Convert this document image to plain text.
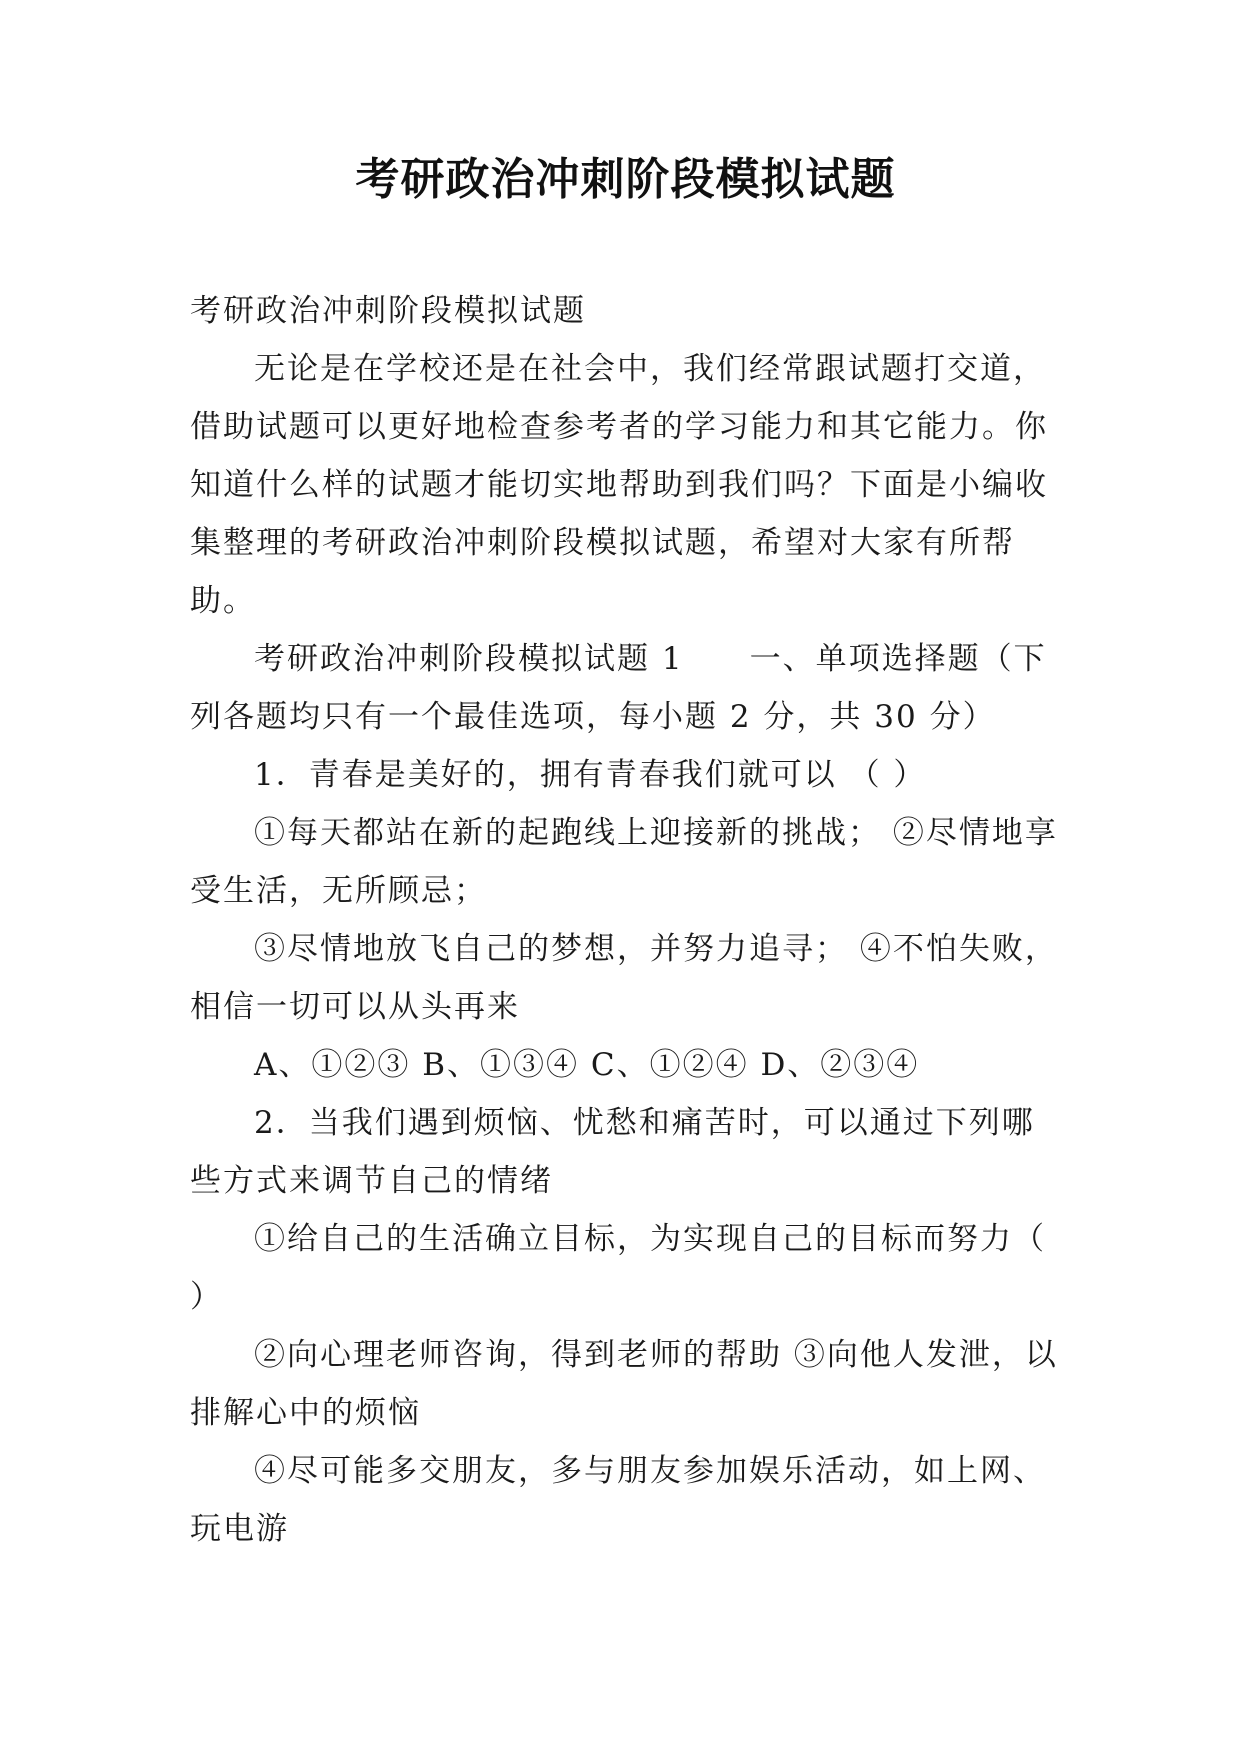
考研政治冲刺阶段模拟试题

考研政治冲刺阶段模拟试题

无论是在学校还是在社会中，我们经常跟试题打交道，借助试题可以更好地检查参考者的学习能力和其它能力。你知道什么样的试题才能切实地帮助到我们吗？下面是小编收集整理的考研政治冲刺阶段模拟试题，希望对大家有所帮助。

考研政治冲刺阶段模拟试题 1　　一、单项选择题（下列各题均只有一个最佳选项，每小题 2 分，共 30 分）

1．青春是美好的，拥有青春我们就可以 （ ）

①每天都站在新的起跑线上迎接新的挑战； ②尽情地享受生活，无所顾忌；

③尽情地放飞自己的梦想，并努力追寻； ④不怕失败，相信一切可以从头再来

A、①②③ B、①③④ C、①②④ D、②③④

2．当我们遇到烦恼、忧愁和痛苦时，可以通过下列哪些方式来调节自己的情绪

①给自己的生活确立目标，为实现自己的目标而努力（ ）

②向心理老师咨询，得到老师的帮助 ③向他人发泄，以排解心中的烦恼

④尽可能多交朋友，多与朋友参加娱乐活动，如上网、玩电游
